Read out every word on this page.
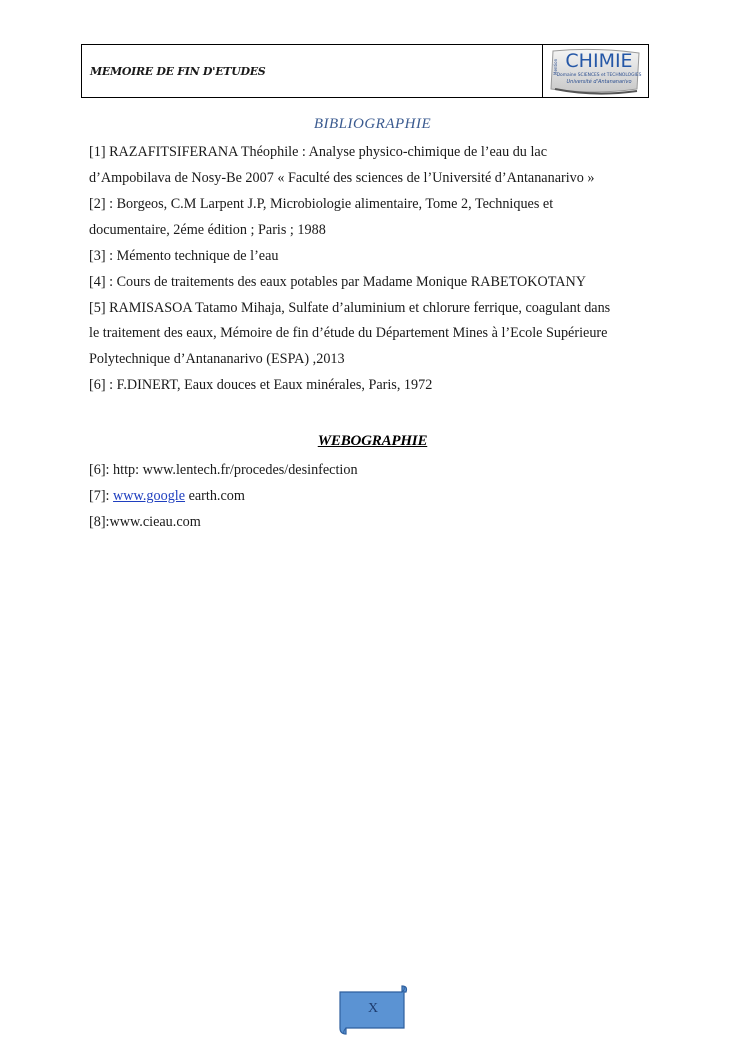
MEMOIRE DE FIN D'ETUDES	Mention CHIMIE
Domaine SCIENCES et TECHNOLOGIES
Université d'Antananarivo
BIBLIOGRAPHIE
[1] RAZAFITSIFERANA Théophile : Analyse physico-chimique de l’eau du lac
d’Ampobilava de Nosy-Be 2007 « Faculté des sciences de l’Université d’Antananarivo »
[2] : Borgeos, C.M Larpent J.P, Microbiologie alimentaire, Tome 2, Techniques et
documentaire, 2éme édition ; Paris ; 1988
[3] : Mémento technique de l’eau
[4] : Cours de traitements des eaux potables par Madame Monique RABETOKOTANY
[5] RAMISASOA Tatamo Mihaja, Sulfate d’aluminium et chlorure ferrique, coagulant dans
le traitement des eaux, Mémoire de fin d’étude du Département Mines à l’Ecole Supérieure
Polytechnique d’Antananarivo (ESPA) ,2013
[6] : F.DINERT, Eaux douces et Eaux minérales, Paris, 1972
WEBOGRAPHIE
[6]: http: www.lentech.fr/procedes/desinfection
[7]: www.google earth.com
[8]:www.cieau.com
X
